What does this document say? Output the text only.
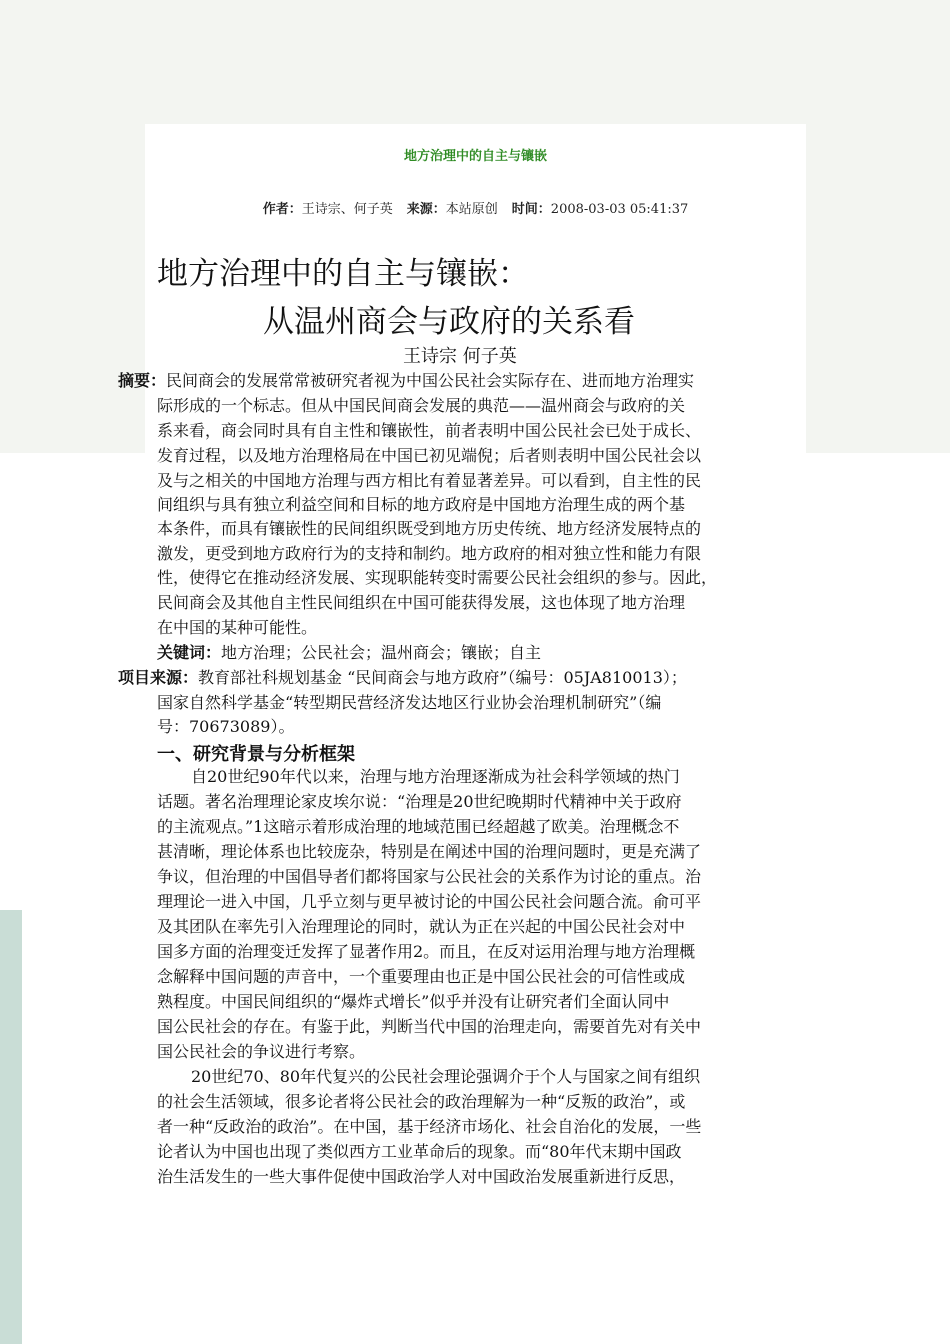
地方治理中的自主与镶嵌
作者：王诗宗、何子英 来源：本站原创 时间：2008-03-03 05:41:37
地方治理中的自主与镶嵌：
从温州商会与政府的关系看
王诗宗 何子英
摘要：民间商会的发展常常被研究者视为中国公民社会实际存在、进而地方治理实
际形成的一个标志。但从中国民间商会发展的典范——温州商会与政府的关
系来看，商会同时具有自主性和镶嵌性，前者表明中国公民社会已处于成长、
发育过程，以及地方治理格局在中国已初见端倪；后者则表明中国公民社会以
及与之相关的中国地方治理与西方相比有着显著差异。可以看到，自主性的民
间组织与具有独立利益空间和目标的地方政府是中国地方治理生成的两个基
本条件，而具有镶嵌性的民间组织既受到地方历史传统、地方经济发展特点的
激发，更受到地方政府行为的支持和制约。地方政府的相对独立性和能力有限
性，使得它在推动经济发展、实现职能转变时需要公民社会组织的参与。因此，
民间商会及其他自主性民间组织在中国可能获得发展，这也体现了地方治理
在中国的某种可能性。
关键词：地方治理；公民社会；温州商会；镶嵌；自主
项目来源：教育部社科规划基金 “民间商会与地方政府”（编号：05JA810013）；
国家自然科学基金“转型期民营经济发达地区行业协会治理机制研究”（编
号：70673089）。
一、研究背景与分析框架
自20世纪90年代以来，治理与地方治理逐渐成为社会科学领域的热门
话题。著名治理理论家皮埃尔说：“治理是20世纪晚期时代精神中关于政府
的主流观点。”1这暗示着形成治理的地域范围已经超越了欧美。治理概念不
甚清晰，理论体系也比较庞杂，特别是在阐述中国的治理问题时，更是充满了
争议，但治理的中国倡导者们都将国家与公民社会的关系作为讨论的重点。治
理理论一进入中国，几乎立刻与更早被讨论的中国公民社会问题合流。俞可平
及其团队在率先引入治理理论的同时，就认为正在兴起的中国公民社会对中
国多方面的治理变迁发挥了显著作用2。而且，在反对运用治理与地方治理概
念解释中国问题的声音中，一个重要理由也正是中国公民社会的可信性或成
熟程度。中国民间组织的“爆炸式增长”似乎并没有让研究者们全面认同中
国公民社会的存在。有鉴于此，判断当代中国的治理走向，需要首先对有关中
国公民社会的争议进行考察。
20世纪70、80年代复兴的公民社会理论强调介于个人与国家之间有组织
的社会生活领域，很多论者将公民社会的政治理解为一种“反叛的政治”，或
者一种“反政治的政治”。在中国，基于经济市场化、社会自治化的发展，一些
论者认为中国也出现了类似西方工业革命后的现象。而“80年代末期中国政
治生活发生的一些大事件促使中国政治学人对中国政治发展重新进行反思，
